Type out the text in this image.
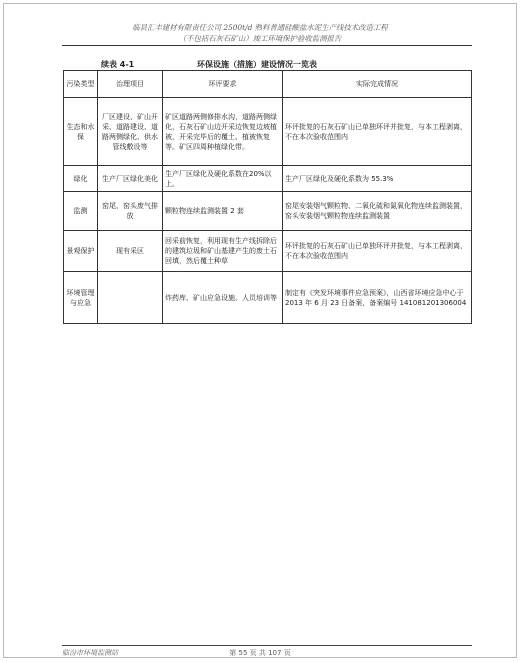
临县汇丰建材有限责任公司 2500t/d 熟料普通硅酸盐水泥生产线技术改造工程
（不包括石灰石矿山）竣工环境保护验收监测报告
续表 4-1	环保设施（措施）建设情况一览表
污染类型	治理项目	环评要求	实际完成情况
生态和水保	厂区建设、矿山开采、道路建设、道路两侧绿化、供水管线敷设等	矿区道路两侧修排水沟，道路两侧绿化，石灰石矿山边开采边恢复边坡植被，开采完毕后的覆土、植被恢复等。矿区四周种植绿化带。	环评批复的石灰石矿山已单独环评并批复，与本工程剥离，不在本次验收范围内
绿化	生产厂区绿化美化	生产厂区绿化及硬化系数在20%以上。	生产厂区绿化及硬化系数为 55.3%
监测	窑尾、窑头废气排放	颗粒物连续监测装置 2 套	窑尾安装烟气颗粒物、二氧化硫和氮氧化物连续监测装置，窑头安装烟气颗粒物连续监测装置
景观保护	现有采区	回采前恢复，利用现有生产线拆除后的建筑垃圾和矿山基建产生的废土石回填，然后覆土种草	环评批复的石灰石矿山已单独环评并批复，与本工程剥离，不在本次验收范围内
环境管理与应急		炸药库、矿山应急设施、人员培训等	制定有《突发环境事件应急预案》，山西省环境应急中心于 2013 年 6 月 23 日备案，备案编号 141081201306004
临汾市环境监测站	第 55 页 共 107 页
